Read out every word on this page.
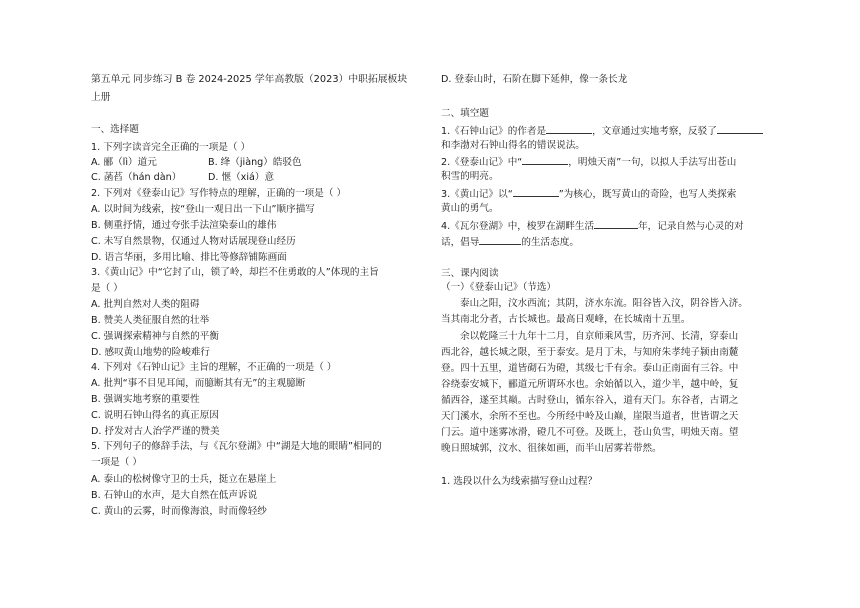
第五单元 同步练习 B 卷 2024-2025 学年高教版（2023）中职拓展板块
上册
一、选择题
1. 下列字读音完全正确的一项是（ ）
A. 郦（lì）道元	B. 绛（jiàng）皓驳色
C. 菡萏（hán dàn）	D. 惬（xiá）意
2. 下列对《登泰山记》写作特点的理解，正确的一项是（ ）
A. 以时间为线索，按“登山一观日出一下山”顺序描写
B. 侧重抒情，通过夸张手法渲染泰山的雄伟
C. 未写自然景物，仅通过人物对话展现登山经历
D. 语言华丽，多用比喻、排比等修辞铺陈画面
3.《黄山记》中“它封了山，锁了岭，却拦不住勇敢的人”体现的主旨
是（ ）
A. 批判自然对人类的阻碍
B. 赞美人类征服自然的壮举
C. 强调探索精神与自然的平衡
D. 感叹黄山地势的险峻难行
4. 下列对《石钟山记》主旨的理解，不正确的一项是（ ）
A. 批判“事不目见耳闻，而臆断其有无”的主观臆断
B. 强调实地考察的重要性
C. 说明石钟山得名的真正原因
D. 抒发对古人治学严谨的赞美
5. 下列句子的修辞手法，与《瓦尔登湖》中“湖是大地的眼睛”相同的
一项是（ ）
A. 泰山的松树像守卫的士兵，挺立在悬崖上
B. 石钟山的水声，是大自然在低声诉说
C. 黄山的云雾，时而像海浪，时而像轻纱
D. 登泰山时，石阶在脚下延伸，像一条长龙
二、填空题
1.《石钟山记》的作者是	，文章通过实地考察，反驳了
和李渤对石钟山得名的错误说法。
2.《登泰山记》中“	，明烛天南”一句，以拟人手法写出苍山
积雪的明亮。
3.《黄山记》以“	”为核心，既写黄山的奇险，也写人类探索
黄山的勇气。
4.《瓦尔登湖》中，梭罗在湖畔生活	年，记录自然与心灵的对
话，倡导	的生活态度。
三、课内阅读
（一）《登泰山记》（节选）
泰山之阳，汶水西流；其阴，济水东流。阳谷皆入汶，阴谷皆入济。
当其南北分者，古长城也。最高日观峰，在长城南十五里。
余以乾隆三十九年十二月，自京师乘风雪，历齐河、长清，穿泰山
西北谷，越长城之限，至于泰安。是月丁未，与知府朱孝纯子颍由南麓
登。四十五里，道皆砌石为磴，其级七千有余。泰山正南面有三谷。中
谷绕泰安城下，郦道元所谓环水也。余始循以入，道少半，越中岭，复
循西谷，遂至其巅。古时登山，循东谷入，道有天门。东谷者，古谓之
天门溪水，余所不至也。今所经中岭及山巅，崖限当道者，世皆谓之天
门云。道中迷雾冰滑，磴几不可登。及既上，苍山负雪，明烛天南。望
晚日照城郭，汶水、徂徕如画，而半山居雾若带然。
1. 选段以什么为线索描写登山过程？
